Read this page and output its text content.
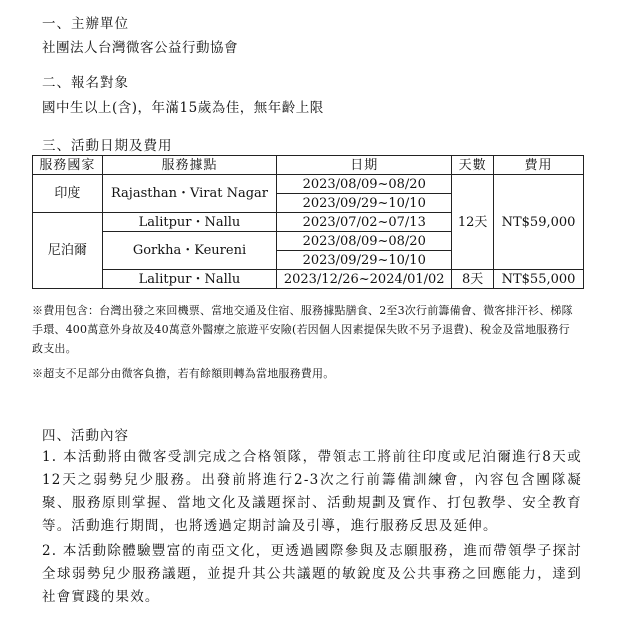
一、主辦單位
社團法人台灣微客公益行動協會
二、報名對象
國中生以上(含)，年滿15歲為佳，無年齡上限
三、活動日期及費用
服務國家	服務據點	日期	天數	費用
印度	Rajasthan・Virat Nagar	2023/08/09~08/20	12天	NT$59,000
		2023/09/29~10/10		
尼泊爾	Lalitpur・Nallu	2023/07/02~07/13		
	Gorkha・Keureni	2023/08/09~08/20		
		2023/09/29~10/10		
	Lalitpur・Nallu	2023/12/26~2024/01/02	8天	NT$55,000
※費用包含：台灣出發之來回機票、當地交通及住宿、服務據點膳食、2至3次行前籌備會、微客排汗衫、梯隊手環、400萬意外身故及40萬意外醫療之旅遊平安險(若因個人因素提保失敗不另予退費)、稅金及當地服務行政支出。
※超支不足部分由微客負擔，若有餘額則轉為當地服務費用。
四、活動內容
1. 本活動將由微客受訓完成之合格領隊，帶領志工將前往印度或尼泊爾進行8天或12天之弱勢兒少服務。出發前將進行2-3次之行前籌備訓練會，內容包含團隊凝聚、服務原則掌握、當地文化及議題探討、活動規劃及實作、打包教學、安全教育等。活動進行期間，也將透過定期討論及引導，進行服務反思及延伸。
2. 本活動除體驗豐富的南亞文化，更透過國際參與及志願服務，進而帶領學子探討全球弱勢兒少服務議題，並提升其公共議題的敏銳度及公共事務之回應能力，達到社會實踐的果效。
